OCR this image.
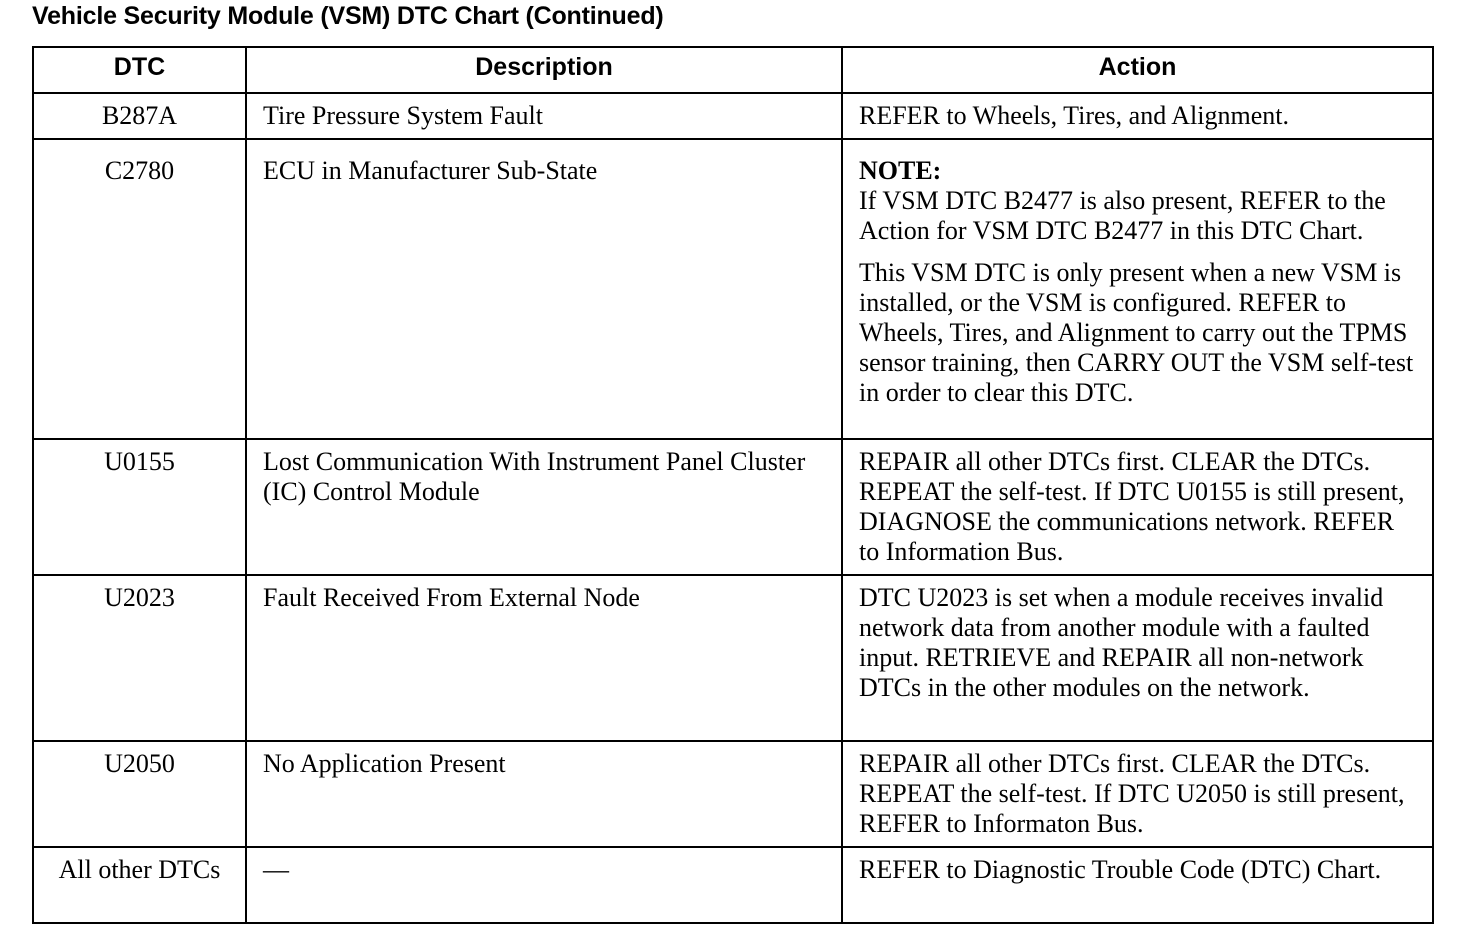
Vehicle Security Module (VSM) DTC Chart (Continued)
DTC	Description	Action
B287A	Tire Pressure System Fault	REFER to Wheels, Tires, and Alignment.
C2780	ECU in Manufacturer Sub-State	NOTE:
If VSM DTC B2477 is also present, REFER to the Action for VSM DTC B2477 in this DTC Chart.
This VSM DTC is only present when a new VSM is installed, or the VSM is configured. REFER to Wheels, Tires, and Alignment to carry out the TPMS sensor training, then CARRY OUT the VSM self-test in order to clear this DTC.

U0155	Lost Communication With Instrument Panel Cluster (IC) Control Module	REPAIR all other DTCs first. CLEAR the DTCs. REPEAT the self-test. If DTC U0155 is still present, DIAGNOSE the communications network. REFER to Information Bus.
U2023	Fault Received From External Node	DTC U2023 is set when a module receives invalid network data from another module with a faulted input. RETRIEVE and REPAIR all non-network DTCs in the other modules on the network.
U2050	No Application Present	REPAIR all other DTCs first. CLEAR the DTCs. REPEAT the self-test. If DTC U2050 is still present, REFER to Informaton Bus.
All other DTCs	—	REFER to Diagnostic Trouble Code (DTC) Chart.
